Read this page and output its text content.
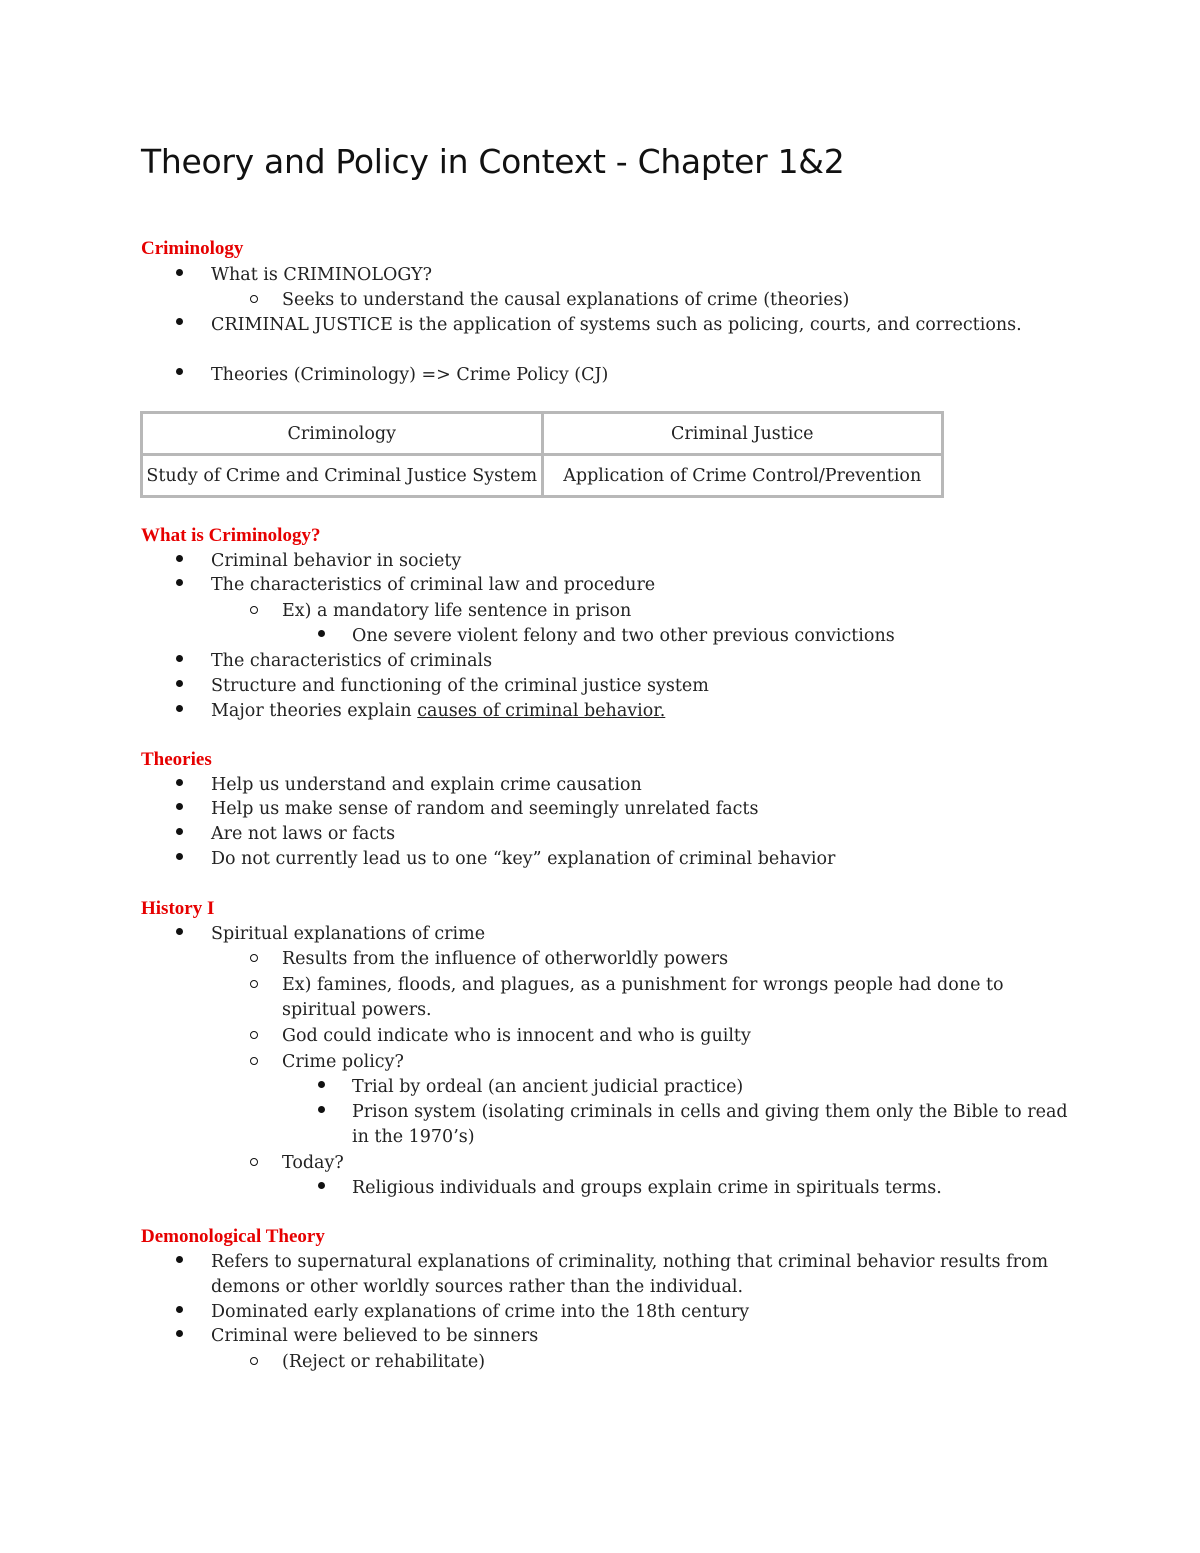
Theory and Policy in Context - Chapter 1&2
Criminology

What is CRIMINOLOGY?

Seeks to understand the causal explanations of crime (theories)

CRIMINAL JUSTICE is the application of systems such as policing, courts, and corrections.

Theories (Criminology) => Crime Policy (CJ)

Criminology	Criminal Justice
Study of Crime and Criminal Justice System	Application of Crime Control/Prevention
What is Criminology?

Criminal behavior in society

The characteristics of criminal law and procedure

Ex) a mandatory life sentence in prison

One severe violent felony and two other previous convictions

The characteristics of criminals

Structure and functioning of the criminal justice system

Major theories explain causes of criminal behavior.

Theories

Help us understand and explain crime causation

Help us make sense of random and seemingly unrelated facts

Are not laws or facts

Do not currently lead us to one “key” explanation of criminal behavior

History I

Spiritual explanations of crime

Results from the influence of otherworldly powers

Ex) famines, floods, and plagues, as a punishment for wrongs people had done to

spiritual powers.

God could indicate who is innocent and who is guilty

Crime policy?

Trial by ordeal (an ancient judicial practice)

Prison system (isolating criminals in cells and giving them only the Bible to read

in the 1970’s)

Today?

Religious individuals and groups explain crime in spirituals terms.

Demonological Theory

Refers to supernatural explanations of criminality, nothing that criminal behavior results from

demons or other worldly sources rather than the individual.

Dominated early explanations of crime into the 18th century

Criminal were believed to be sinners

(Reject or rehabilitate)
